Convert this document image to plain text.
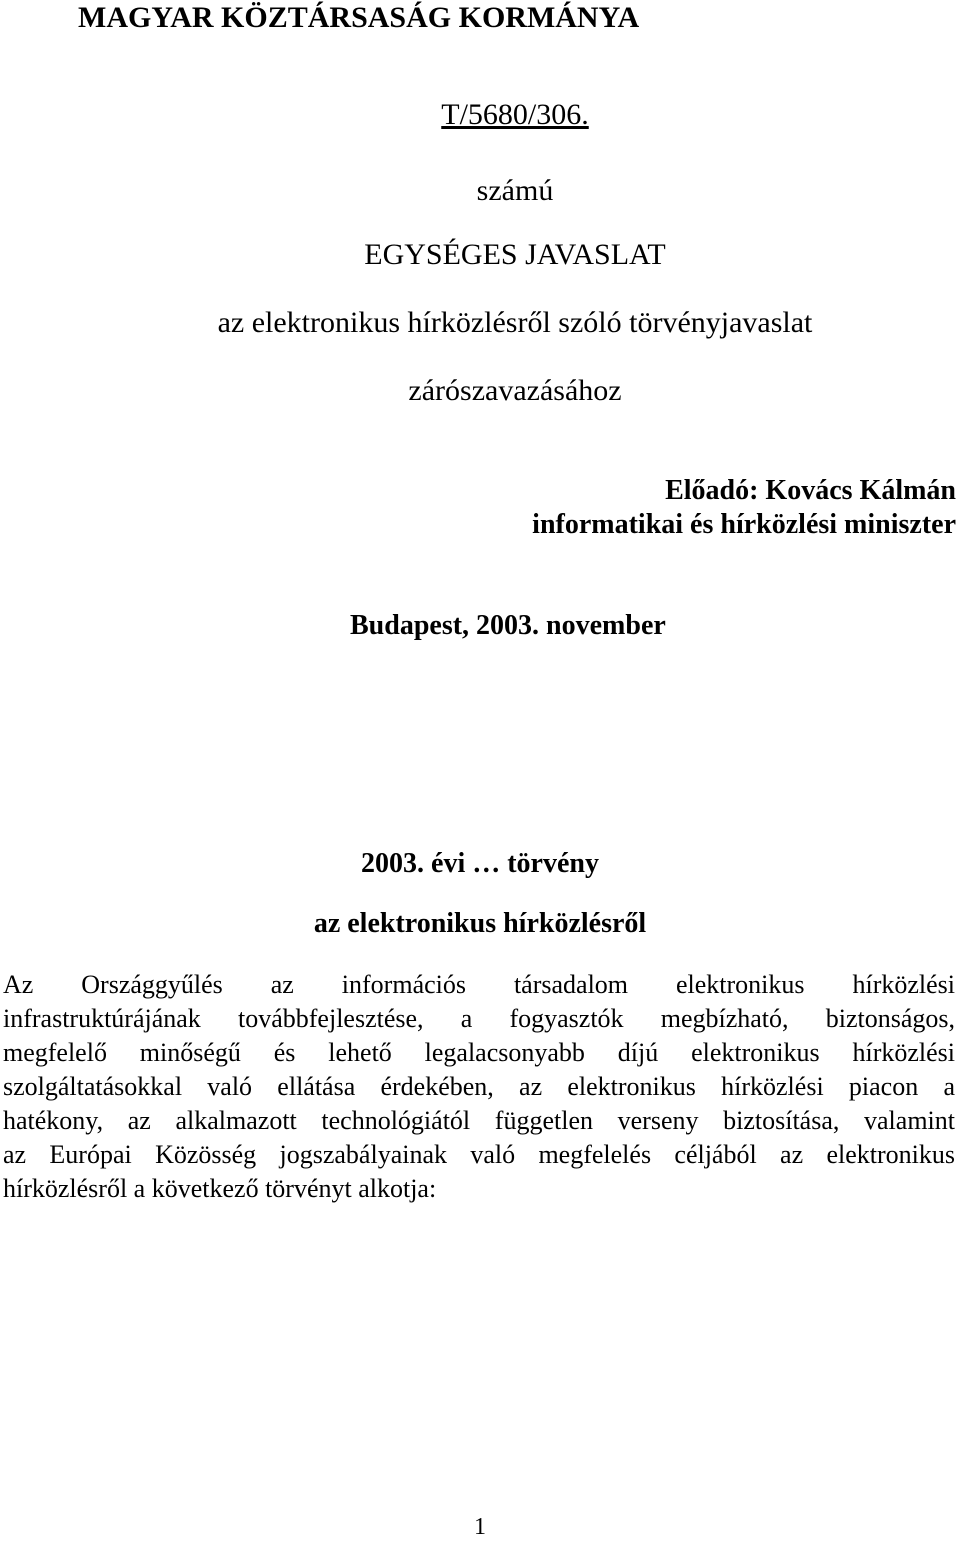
MAGYAR KÖZTÁRSASÁG KORMÁNYA
T/5680/306.
számú
EGYSÉGES JAVASLAT
az elektronikus hírközlésről szóló törvényjavaslat
zárószavazásához
Előadó: Kovács Kálmán
informatikai és hírközlési miniszter
Budapest, 2003. november
2003. évi … törvény
az elektronikus hírközlésről
Az Országgyűlés az információs társadalom elektronikus hírközlési
infrastruktúrájának továbbfejlesztése, a fogyasztók megbízható, biztonságos,
megfelelő minőségű és lehető legalacsonyabb díjú elektronikus hírközlési
szolgáltatásokkal való ellátása érdekében, az elektronikus hírközlési piacon a
hatékony, az alkalmazott technológiától független verseny biztosítása, valamint
az Európai Közösség jogszabályainak való megfelelés céljából az elektronikus
hírközlésről a következő törvényt alkotja:
1
